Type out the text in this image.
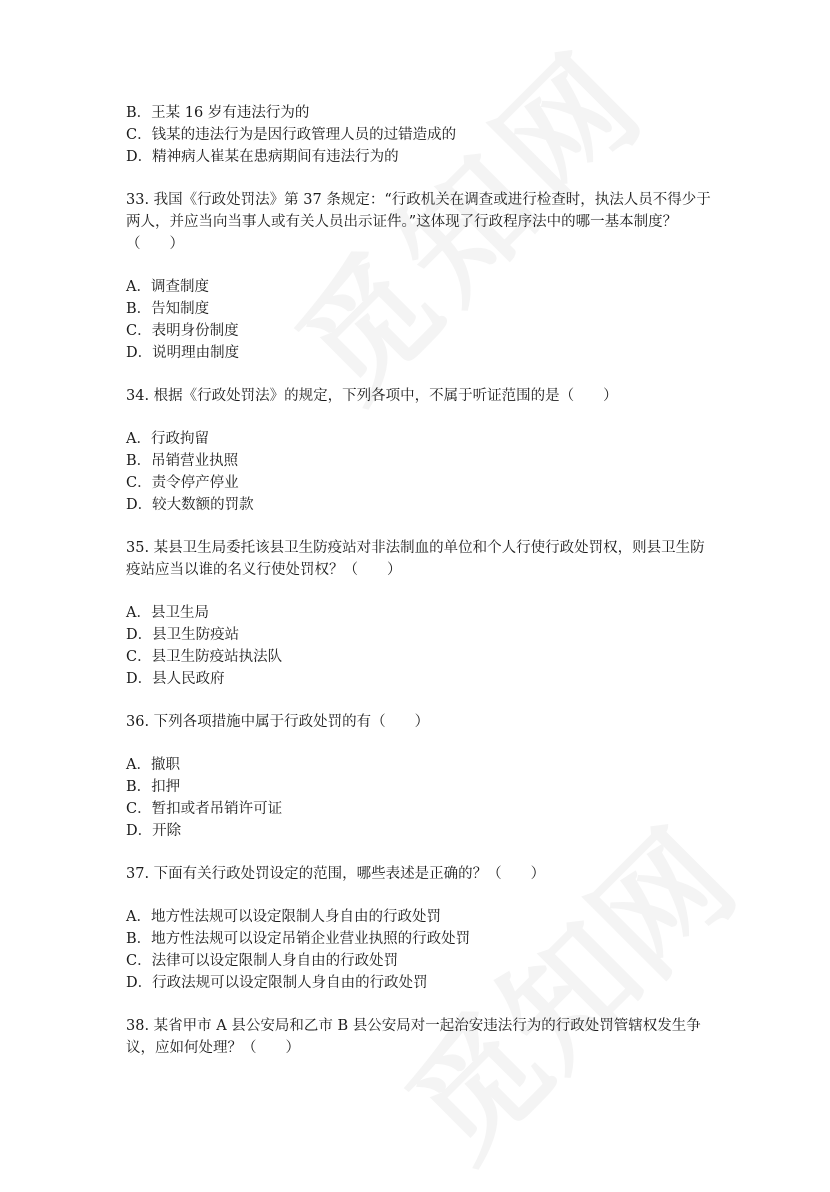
B．王某 16 岁有违法行为的

C．钱某的违法行为是因行政管理人员的过错造成的

D．精神病人崔某在患病期间有违法行为的

33. 我国《行政处罚法》第 37 条规定：“行政机关在调查或进行检查时，执法人员不得少于

两人，并应当向当事人或有关人员出示证件。”这体现了行政程序法中的哪一基本制度？

（　　）

A．调查制度

B．告知制度

C．表明身份制度

D．说明理由制度

34. 根据《行政处罚法》的规定，下列各项中，不属于听证范围的是（　　）

A．行政拘留

B．吊销营业执照

C．责令停产停业

D．较大数额的罚款

35. 某县卫生局委托该县卫生防疫站对非法制血的单位和个人行使行政处罚权，则县卫生防

疫站应当以谁的名义行使处罚权？（　　）

A．县卫生局

D．县卫生防疫站

C．县卫生防疫站执法队

D．县人民政府

36. 下列各项措施中属于行政处罚的有（　　）

A．撤职

B．扣押

C．暂扣或者吊销许可证

D．开除

37. 下面有关行政处罚设定的范围，哪些表述是正确的？（　　）

A．地方性法规可以设定限制人身自由的行政处罚

B．地方性法规可以设定吊销企业营业执照的行政处罚

C．法律可以设定限制人身自由的行政处罚

D．行政法规可以设定限制人身自由的行政处罚

38. 某省甲市 A 县公安局和乙市 B 县公安局对一起治安违法行为的行政处罚管辖权发生争

议，应如何处理？（　　）
